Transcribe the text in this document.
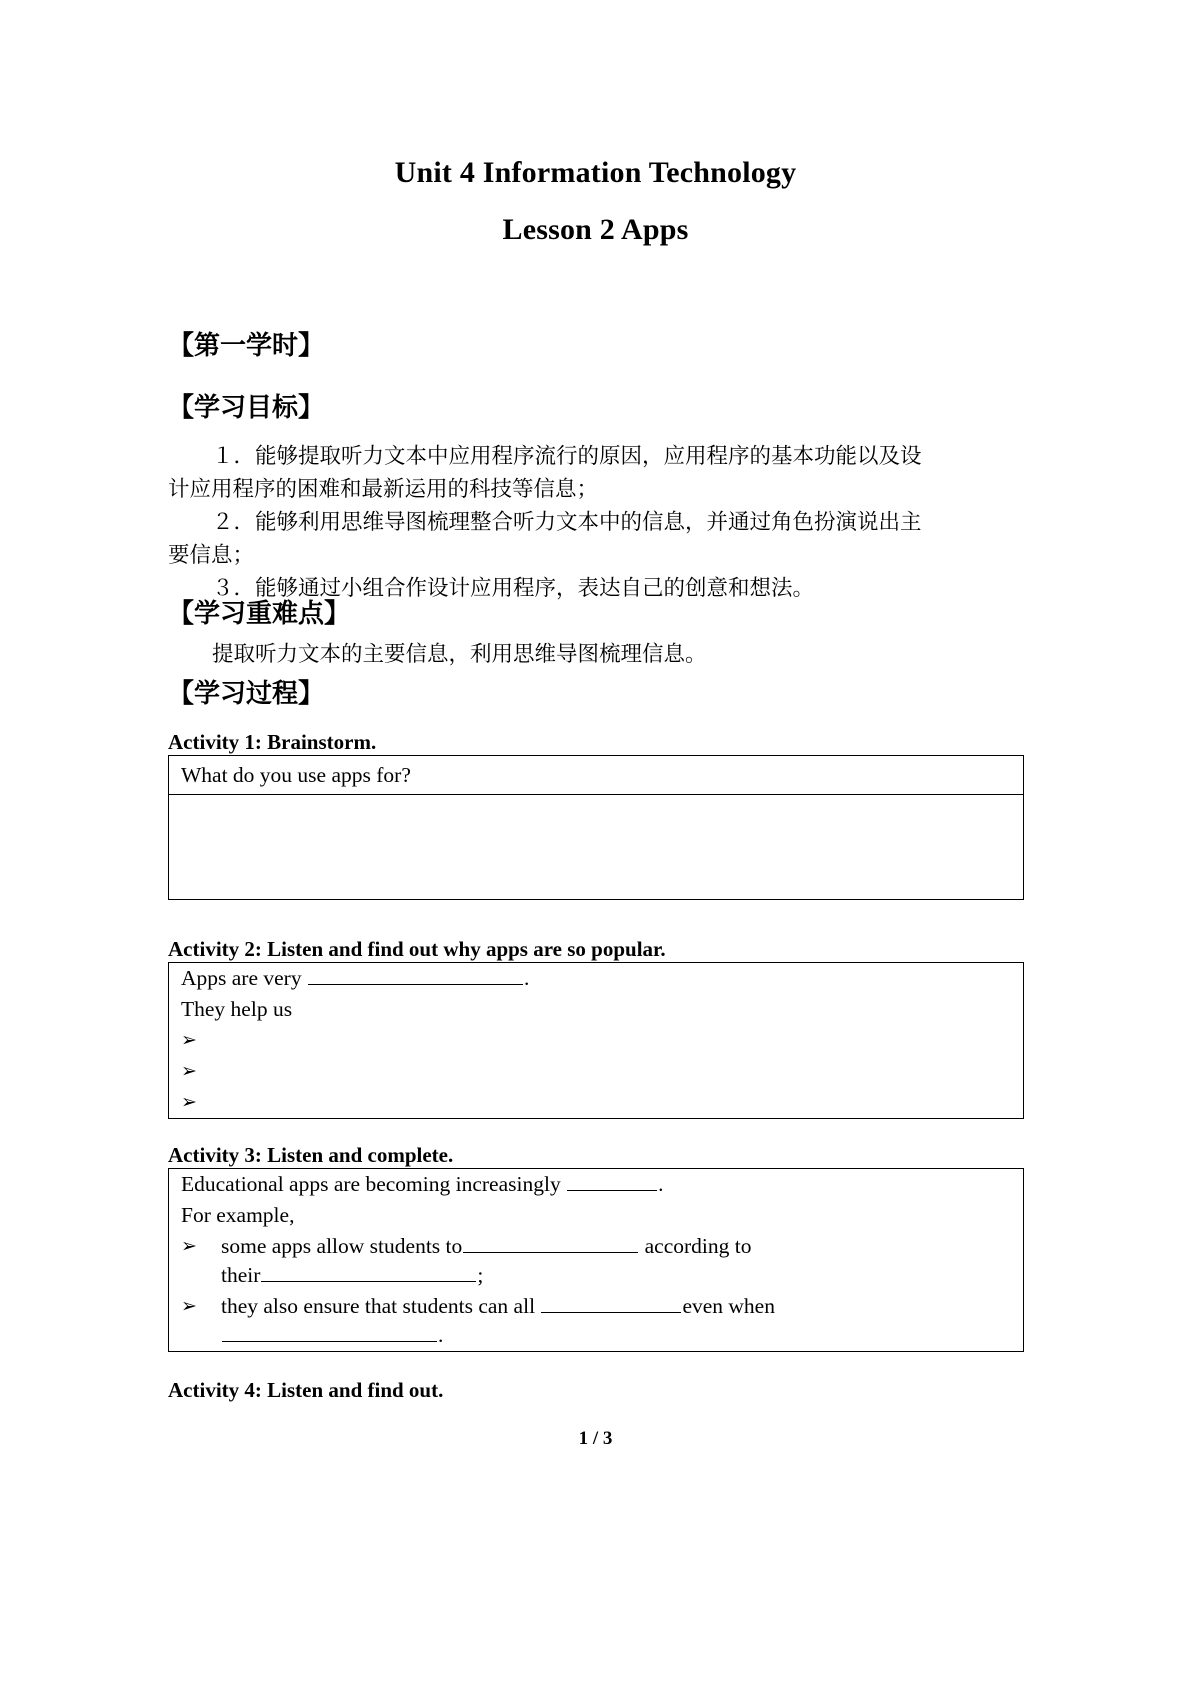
Unit 4 Information Technology
Lesson 2 Apps
【第一学时】
【学习目标】

１．能够提取听力文本中应用程序流行的原因，应用程序的基本功能以及设
计应用程序的困难和最新运用的科技等信息；

２．能够利用思维导图梳理整合听力文本中的信息，并通过角色扮演说出主
要信息；

３．能够通过小组合作设计应用程序，表达自己的创意和想法。

【学习重难点】

提取听力文本的主要信息，利用思维导图梳理信息。

【学习过程】
Activity 1: Brainstorm.
What do you use apps for?

Activity 2: Listen and find out why apps are so popular.
Apps are very	.
They help us
➢

➢

➢

Activity 3: Listen and complete.
Educational apps are becoming increasingly	.
For example,
➢	some apps allow students to	according to
their	;
➢	they also ensure that students can all	even when
.
Activity 4: Listen and find out.
1 / 3
